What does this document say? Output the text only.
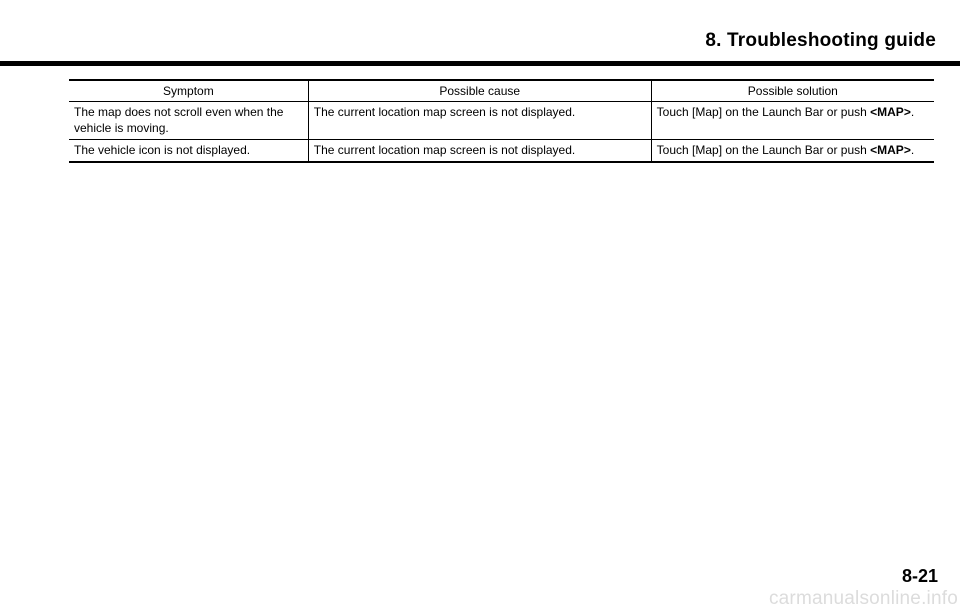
8. Troubleshooting guide
Symptom	Possible cause	Possible solution
The map does not scroll even when the vehicle is moving.	The current location map screen is not displayed.	Touch [Map] on the Launch Bar or push <MAP>.
The vehicle icon is not displayed.	The current location map screen is not displayed.	Touch [Map] on the Launch Bar or push <MAP>.
8-21
carmanualsonline.info
